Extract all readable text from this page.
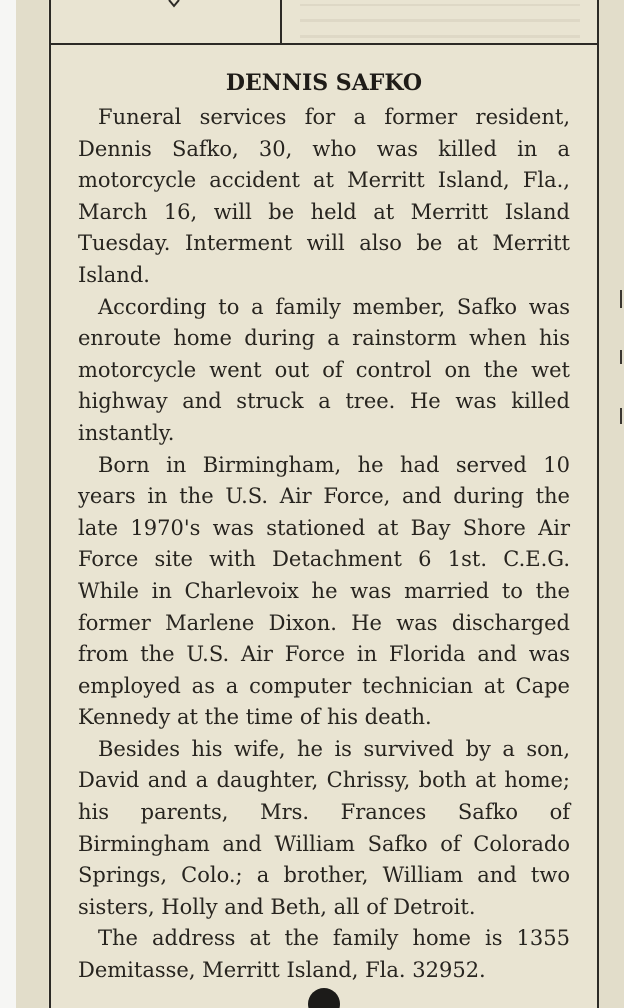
DENNIS SAFKO

Funeral services for a former resident, Dennis Safko, 30, who was killed in a motorcycle accident at Merritt Island, Fla., March 16, will be held at Merritt Island Tuesday. Interment will also be at Merritt Island.

According to a family member, Safko was enroute home during a rainstorm when his motorcycle went out of control on the wet highway and struck a tree. He was killed instantly.

Born in Birmingham, he had served 10 years in the U.S. Air Force, and during the late 1970's was stationed at Bay Shore Air Force site with Detachment 6 1st. C.E.G. While in Charlevoix he was married to the former Marlene Dixon. He was discharged from the U.S. Air Force in Florida and was employed as a computer technician at Cape Kennedy at the time of his death.

Besides his wife, he is survived by a son, David and a daughter, Chrissy, both at home; his parents, Mrs. Frances Safko of Birmingham and William Safko of Colorado Springs, Colo.; a brother, William and two sisters, Holly and Beth, all of Detroit.

The address at the family home is 1355 Demitasse, Merritt Island, Fla. 32952.
